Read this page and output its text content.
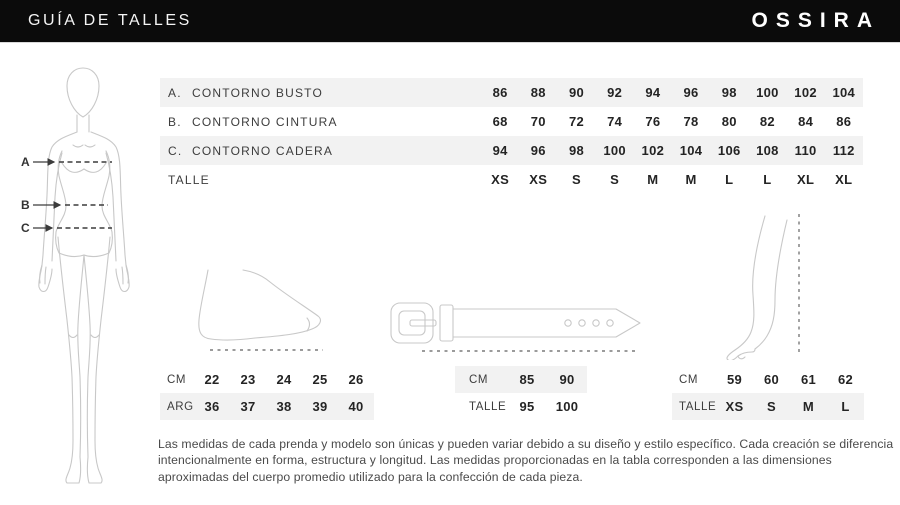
GUÍA DE TALLES	OSSIRA
A
B
C
A. CONTORNO BUSTO	86	88	90	92	94	96	98	100	102	104
B. CONTORNO CINTURA	68	70	72	74	76	78	80	82	84	86
C. CONTORNO CADERA	94	96	98	100	102	104	106	108	110	112
TALLE	XS	XS	S	S	M	M	L	L	XL	XL
CM	22	23	24	25	26
ARG 36	37	38	39	40
CM	85	90
TALLE	95	100
CM	59	60	61	62
TALLE XS	S	M	L
Las medidas de cada prenda y modelo son únicas y pueden variar debido a su diseño y estilo específico. Cada creación se diferencia intencionalmente en forma, estructura y longitud. Las medidas proporcionadas en la tabla corresponden a las dimensiones aproximadas del cuerpo promedio utilizado para la confección de cada pieza.
